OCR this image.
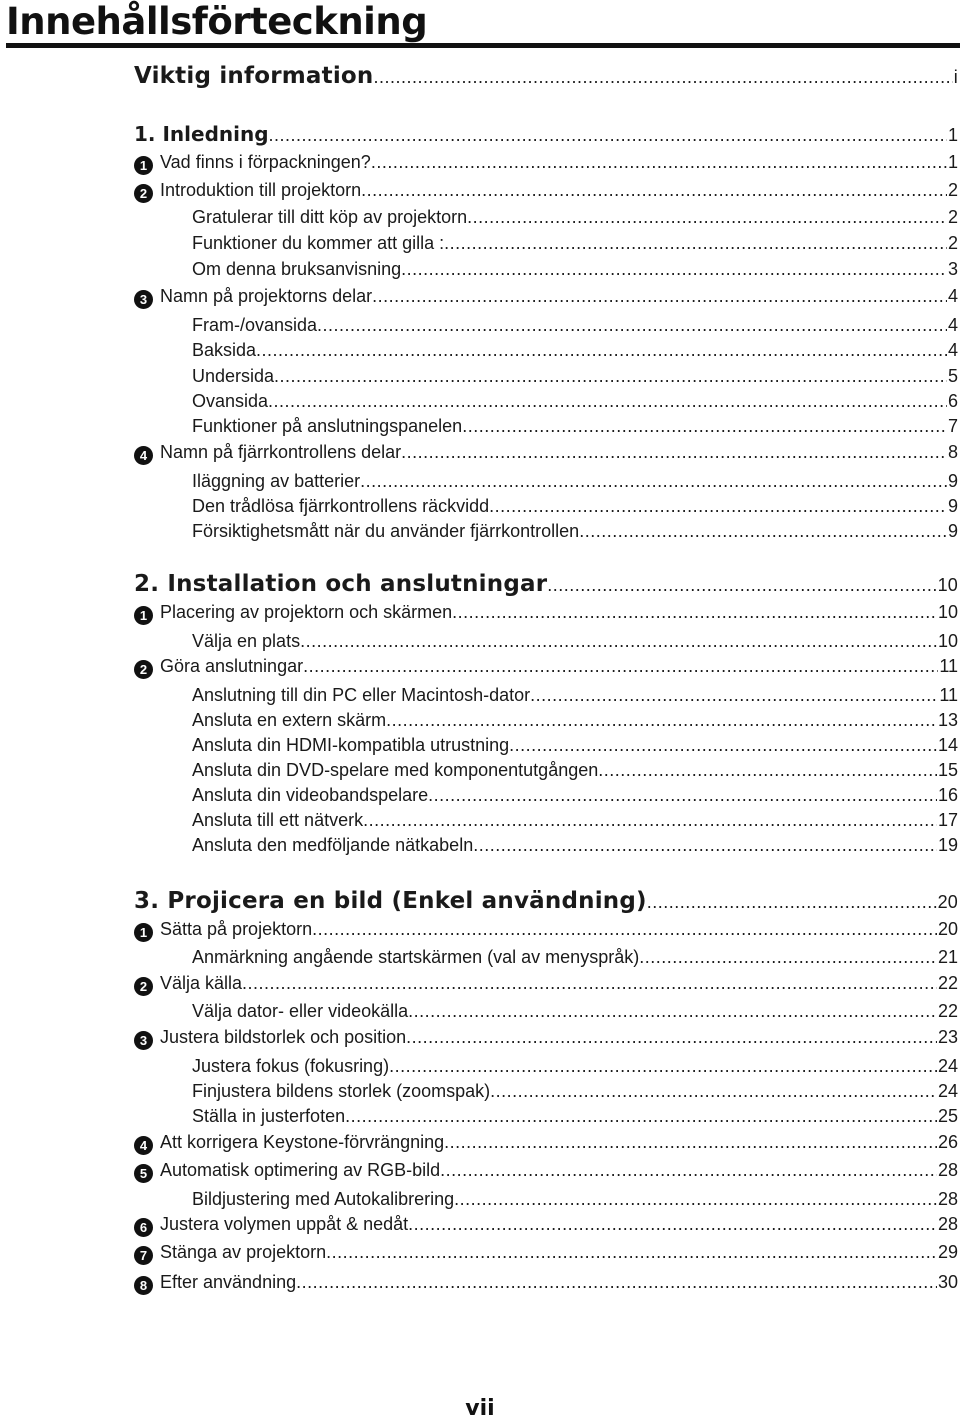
Innehållsförteckning
Viktig information .....	i
1. Inledning .....	1
1 Vad finns i förpackningen? .....	1
2 Introduktion till projektorn .....	2
Gratulerar till ditt köp av projektorn .....	2
Funktioner du kommer att gilla : .....	2
Om denna bruksanvisning .....	3
3 Namn på projektorns delar .....	4
Fram-/ovansida .....	4
Baksida .....	4
Undersida .....	5
Ovansida .....	6
Funktioner på anslutningspanelen .....	7
4 Namn på fjärrkontrollens delar .....	8
Iläggning av batterier .....	9
Den trådlösa fjärrkontrollens räckvidd .....	9
Försiktighetsmått när du använder fjärrkontrollen .....	9
2. Installation och anslutningar .....	10
1 Placering av projektorn och skärmen .....	10
Välja en plats .....	10
2 Göra anslutningar .....	11
Anslutning till din PC eller Macintosh-dator .....	11
Ansluta en extern skärm .....	13
Ansluta din HDMI-kompatibla utrustning .....	14
Ansluta din DVD-spelare med komponentutgången .....	15
Ansluta din videobandspelare .....	16
Ansluta till ett nätverk .....	17
Ansluta den medföljande nätkabeln .....	19
3. Projicera en bild (Enkel användning) .....	20
1 Sätta på projektorn .....	20
Anmärkning angående startskärmen (val av menyspråk) .....	21
2 Välja källa .....	22
Välja dator- eller videokälla .....	22
3 Justera bildstorlek och position .....	23
Justera fokus (fokusring) .....	24
Finjustera bildens storlek (zoomspak) .....	24
Ställa in justerfoten .....	25
4 Att korrigera Keystone-förvrängning .....	26
5 Automatisk optimering av RGB-bild .....	28
Bildjustering med Autokalibrering .....	28
6 Justera volymen uppåt & nedåt .....	28
7 Stänga av projektorn .....	29
8 Efter användning .....	30
vii
